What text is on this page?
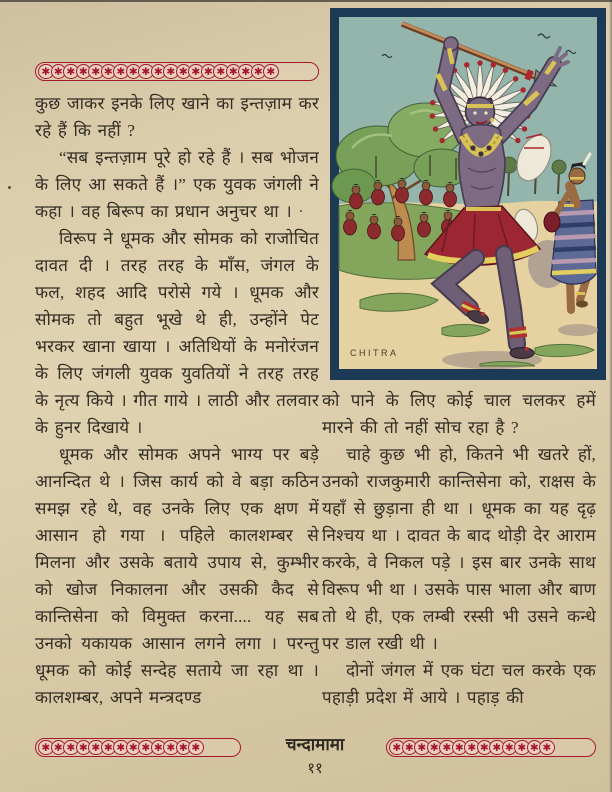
✱ ✱ ✱ ✱ ✱ ✱ ✱ ✱ ✱ ✱ ✱ ✱ ✱ ✱ ✱ ✱ ✱ ✱ ✱

कुछ जाकर इनके लिए खाने का इन्तज़ाम कर रहे हैं कि नहीं ?

“सब इन्तज़ाम पूरे हो रहे हैं । सब भोजन के लिए आ सकते हैं ।” एक युवक जंगली ने कहा । वह बिरूप का प्रधान अनुचर था ।

विरूप ने धूमक और सोमक को राजोचित दावत दी । तरह तरह के माँस, जंगल के फल, शहद आदि परोसे गये । धूमक और सोमक तो बहुत भूखे थे ही, उन्होंने पेट भरकर खाना खाया । अतिथियों के मनोरंजन के लिए जंगली युवक युवतियों ने तरह तरह के नृत्य किये । गीत गाये । लाठी और तलवार के हुनर दिखाये ।

धूमक और सोमक अपने भाग्य पर बड़े आनन्दित थे । जिस कार्य को वे बड़ा कठिन समझ रहे थे, वह उनके लिए एक क्षण में आसान हो गया । पहिले कालशम्बर से मिलना और उसके बताये उपाय से, कुम्भीर को खोज निकालना और उसकी कैद से कान्तिसेना को विमुक्त करना.... यह सब उनको यकायक आसान लगने लगा । परन्तु धूमक को कोई सन्देह सताये जा रहा था । कालशम्बर, अपने मन्त्रदण्ड

CHITRA

को पाने के लिए कोई चाल चलकर हमें मारने की तो नहीं सोच रहा है ?

चाहे कुछ भी हो, कितने भी खतरे हों, उनको राजकुमारी कान्तिसेना को, राक्षस के यहाँ से छुड़ाना ही था । धूमक का यह दृढ़ निश्चय था । दावत के बाद थोड़ी देर आराम करके, वे निकल पड़े । इस बार उनके साथ विरूप भी था । उसके पास भाला और बाण तो थे ही, एक लम्बी रस्सी भी उसने कन्धे पर डाल रखी थी ।

दोनों जंगल में एक घंटा चल करके एक पहाड़ी प्रदेश में आये । पहाड़ की

✱ ✱ ✱ ✱ ✱ ✱ ✱ ✱ ✱ ✱ ✱ ✱ ✱	चन्दामामा
११
✱ ✱ ✱ ✱ ✱ ✱ ✱ ✱ ✱ ✱ ✱ ✱ ✱
